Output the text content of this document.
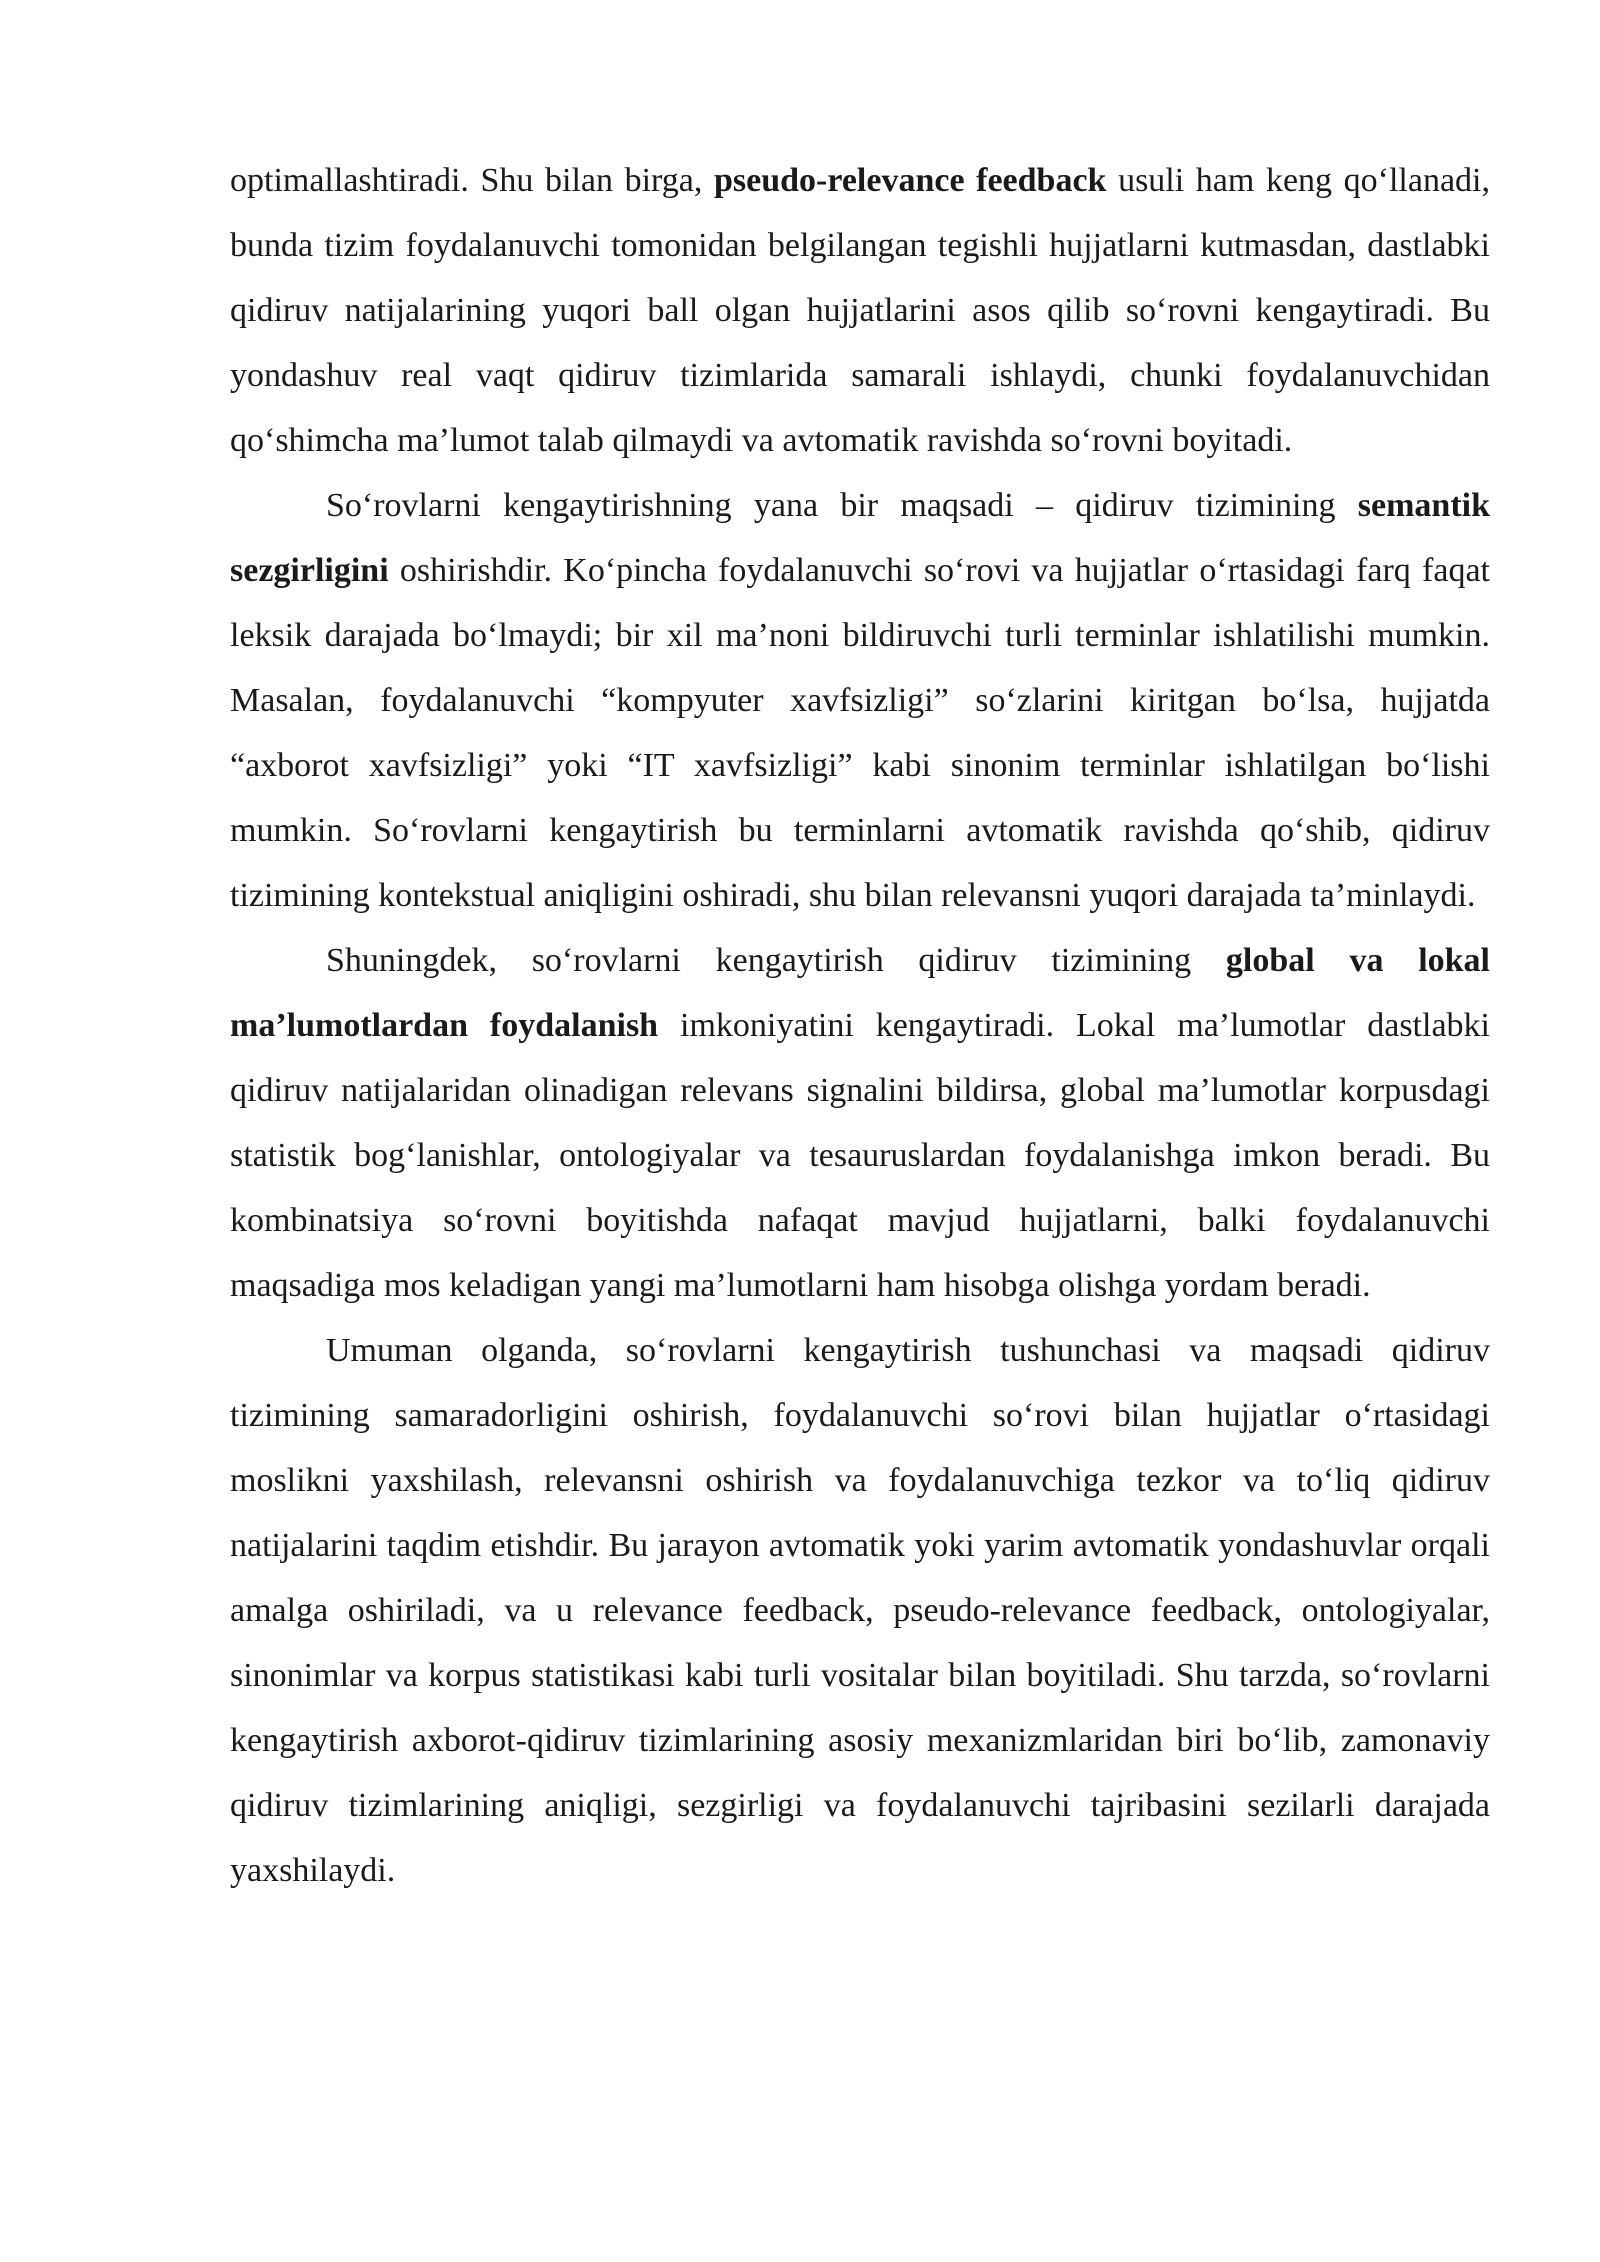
optimallashtiradi. Shu bilan birga, pseudo-relevance feedback usuli ham keng qo‘llanadi, bunda tizim foydalanuvchi tomonidan belgilangan tegishli hujjatlarni kutmasdan, dastlabki qidiruv natijalarining yuqori ball olgan hujjatlarini asos qilib so‘rovni kengaytiradi. Bu yondashuv real vaqt qidiruv tizimlarida samarali ishlaydi, chunki foydalanuvchidan qo‘shimcha ma’lumot talab qilmaydi va avtomatik ravishda so‘rovni boyitadi.

So‘rovlarni kengaytirishning yana bir maqsadi – qidiruv tizimining semantik sezgirligini oshirishdir. Ko‘pincha foydalanuvchi so‘rovi va hujjatlar o‘rtasidagi farq faqat leksik darajada bo‘lmaydi; bir xil ma’noni bildiruvchi turli terminlar ishlatilishi mumkin. Masalan, foydalanuvchi “kompyuter xavfsizligi” so‘zlarini kiritgan bo‘lsa, hujjatda “axborot xavfsizligi” yoki “IT xavfsizligi” kabi sinonim terminlar ishlatilgan bo‘lishi mumkin. So‘rovlarni kengaytirish bu terminlarni avtomatik ravishda qo‘shib, qidiruv tizimining kontekstual aniqligini oshiradi, shu bilan relevansni yuqori darajada ta’minlaydi.

Shuningdek, so‘rovlarni kengaytirish qidiruv tizimining global va lokal ma’lumotlardan foydalanish imkoniyatini kengaytiradi. Lokal ma’lumotlar dastlabki qidiruv natijalaridan olinadigan relevans signalini bildirsa, global ma’lumotlar korpusdagi statistik bog‘lanishlar, ontologiyalar va tesauruslardan foydalanishga imkon beradi. Bu kombinatsiya so‘rovni boyitishda nafaqat mavjud hujjatlarni, balki foydalanuvchi maqsadiga mos keladigan yangi ma’lumotlarni ham hisobga olishga yordam beradi.

Umuman olganda, so‘rovlarni kengaytirish tushunchasi va maqsadi qidiruv tizimining samaradorligini oshirish, foydalanuvchi so‘rovi bilan hujjatlar o‘rtasidagi moslikni yaxshilash, relevansni oshirish va foydalanuvchiga tezkor va to‘liq qidiruv natijalarini taqdim etishdir. Bu jarayon avtomatik yoki yarim avtomatik yondashuvlar orqali amalga oshiriladi, va u relevance feedback, pseudo-relevance feedback, ontologiyalar, sinonimlar va korpus statistikasi kabi turli vositalar bilan boyitiladi. Shu tarzda, so‘rovlarni kengaytirish axborot-qidiruv tizimlarining asosiy mexanizmlaridan biri bo‘lib, zamonaviy qidiruv tizimlarining aniqligi, sezgirligi va foydalanuvchi tajribasini sezilarli darajada yaxshilaydi.
